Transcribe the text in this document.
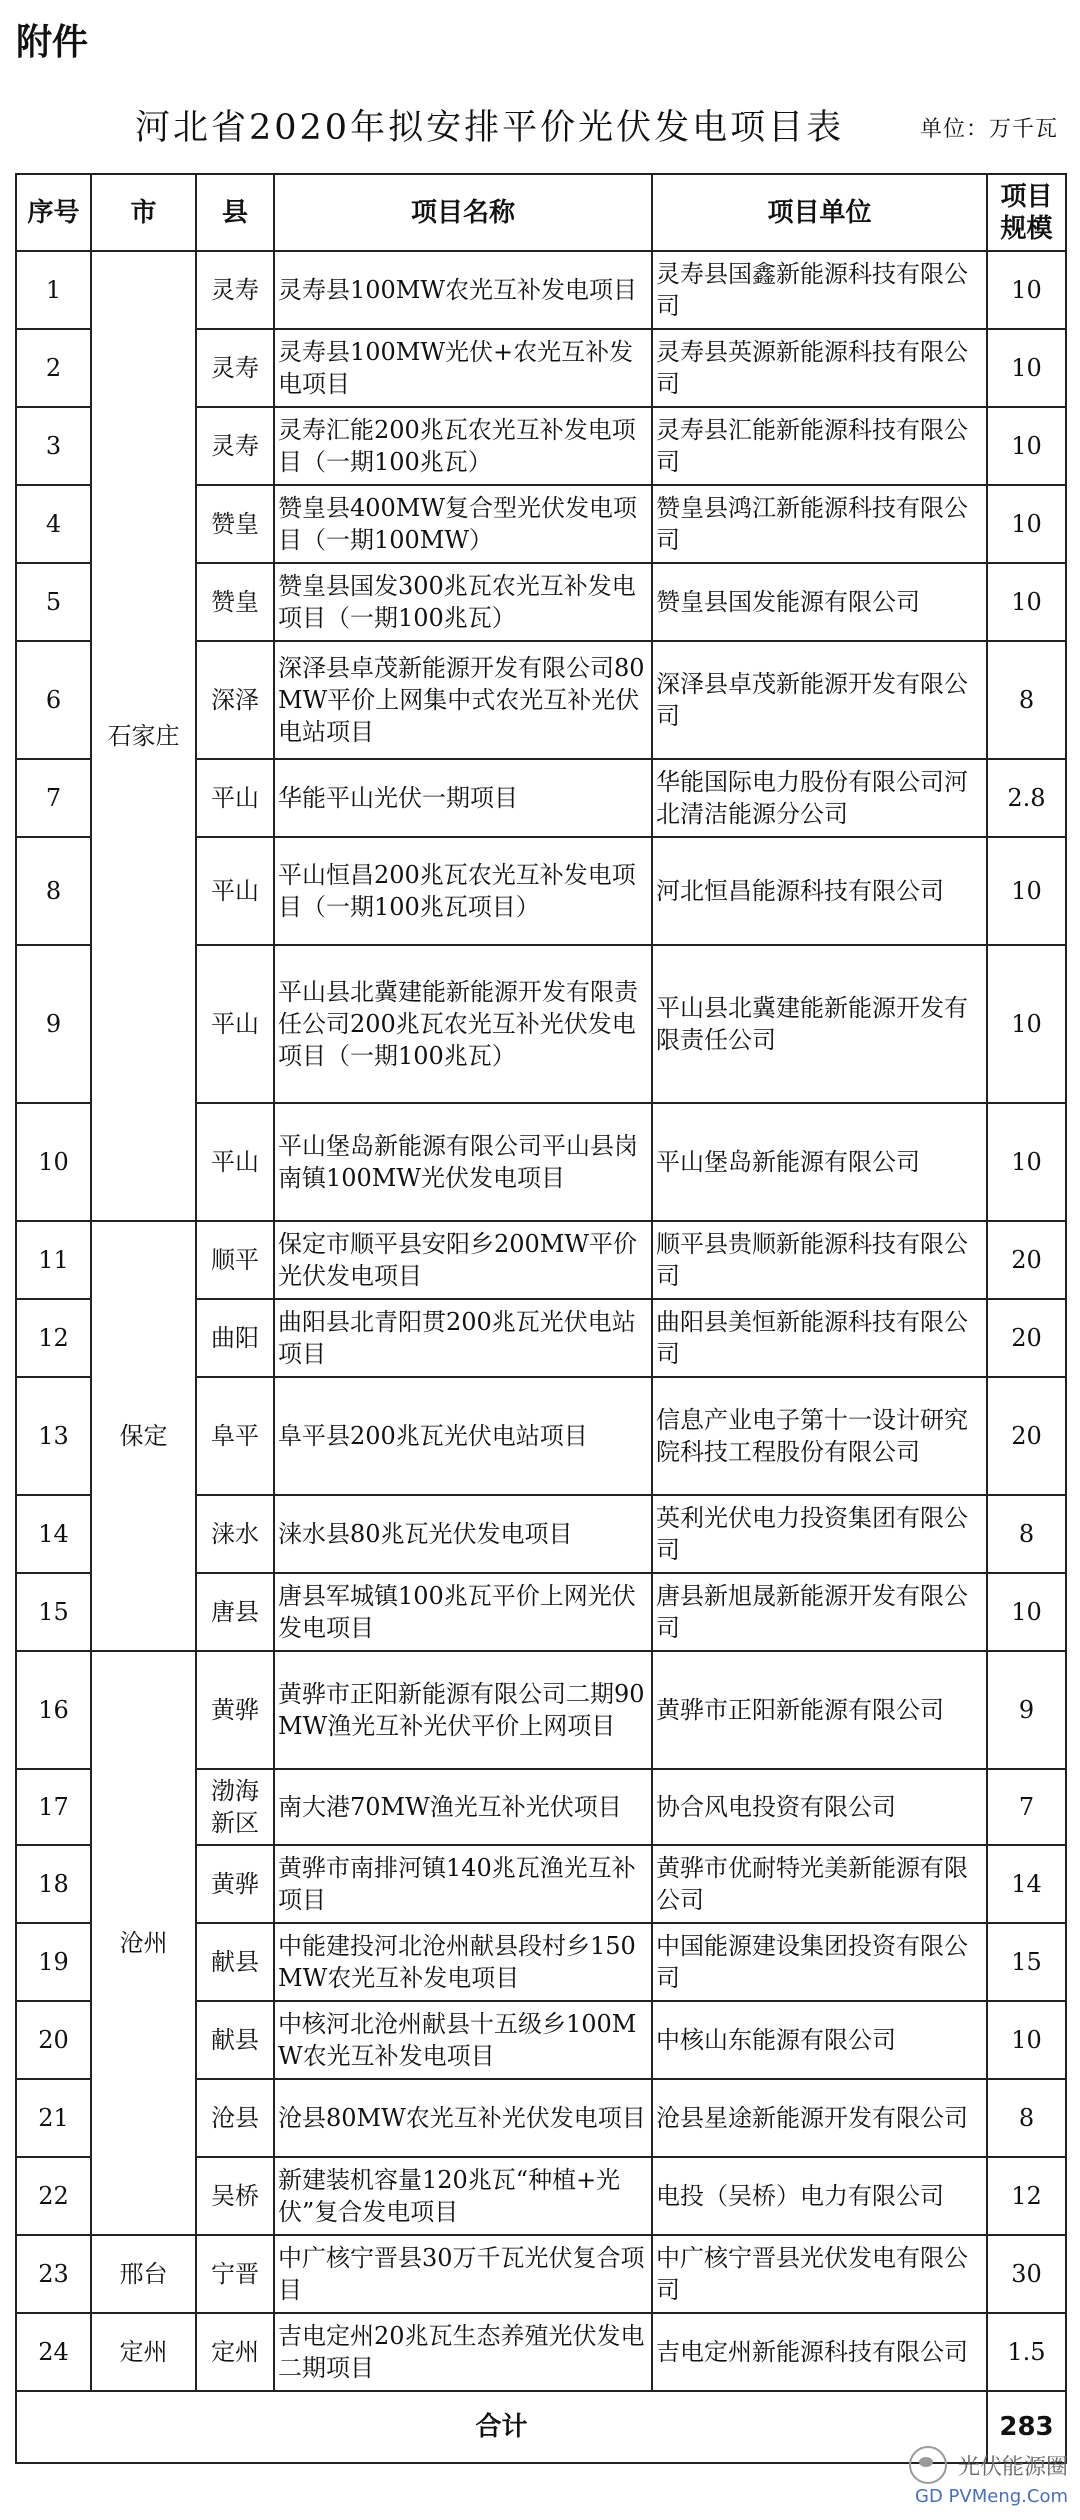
附件
河北省2020年拟安排平价光伏发电项目表	单位：万千瓦
序号	市	县	项目名称	项目单位	项目规模
1	石家庄	灵寿	灵寿县100MW农光互补发电项目	灵寿县国鑫新能源科技有限公司	10
2		灵寿	灵寿县100MW光伏+农光互补发电项目	灵寿县英源新能源科技有限公司	10
3		灵寿	灵寿汇能200兆瓦农光互补发电项目（一期100兆瓦）	灵寿县汇能新能源科技有限公司	10
4		赞皇	赞皇县400MW复合型光伏发电项目（一期100MW）	赞皇县鸿江新能源科技有限公司	10
5		赞皇	赞皇县国发300兆瓦农光互补发电项目（一期100兆瓦）	赞皇县国发能源有限公司	10
6		深泽	深泽县卓茂新能源开发有限公司80MW平价上网集中式农光互补光伏电站项目	深泽县卓茂新能源开发有限公司	8
7		平山	华能平山光伏一期项目	华能国际电力股份有限公司河北清洁能源分公司	2.8
8		平山	平山恒昌200兆瓦农光互补发电项目（一期100兆瓦项目）	河北恒昌能源科技有限公司	10
9		平山	平山县北冀建能新能源开发有限责任公司200兆瓦农光互补光伏发电项目（一期100兆瓦）	平山县北冀建能新能源开发有限责任公司	10
10		平山	平山堡岛新能源有限公司平山县岗南镇100MW光伏发电项目	平山堡岛新能源有限公司	10
11	保定	顺平	保定市顺平县安阳乡200MW平价光伏发电项目	顺平县贵顺新能源科技有限公司	20
12		曲阳	曲阳县北青阳贯200兆瓦光伏电站项目	曲阳县美恒新能源科技有限公司	20
13		阜平	阜平县200兆瓦光伏电站项目	信息产业电子第十一设计研究院科技工程股份有限公司	20
14		涞水	涞水县80兆瓦光伏发电项目	英利光伏电力投资集团有限公司	8
15		唐县	唐县军城镇100兆瓦平价上网光伏发电项目	唐县新旭晟新能源开发有限公司	10
16	沧州	黄骅	黄骅市正阳新能源有限公司二期90MW渔光互补光伏平价上网项目	黄骅市正阳新能源有限公司	9
17		渤海新区	南大港70MW渔光互补光伏项目	协合风电投资有限公司	7
18		黄骅	黄骅市南排河镇140兆瓦渔光互补项目	黄骅市优耐特光美新能源有限公司	14
19		献县	中能建投河北沧州献县段村乡150MW农光互补发电项目	中国能源建设集团投资有限公司	15
20		献县	中核河北沧州献县十五级乡100MW农光互补发电项目	中核山东能源有限公司	10
21		沧县	沧县80MW农光互补光伏发电项目	沧县星途新能源开发有限公司	8
22		吴桥	新建装机容量120兆瓦“种植+光伏”复合发电项目	电投（吴桥）电力有限公司	12
23	邢台	宁晋	中广核宁晋县30万千瓦光伏复合项目	中广核宁晋县光伏发电有限公司	30
24	定州	定州	吉电定州20兆瓦生态养殖光伏发电二期项目	吉电定州新能源科技有限公司	1.5
合计					283
光伏能源圈
GD PVMeng.Com
